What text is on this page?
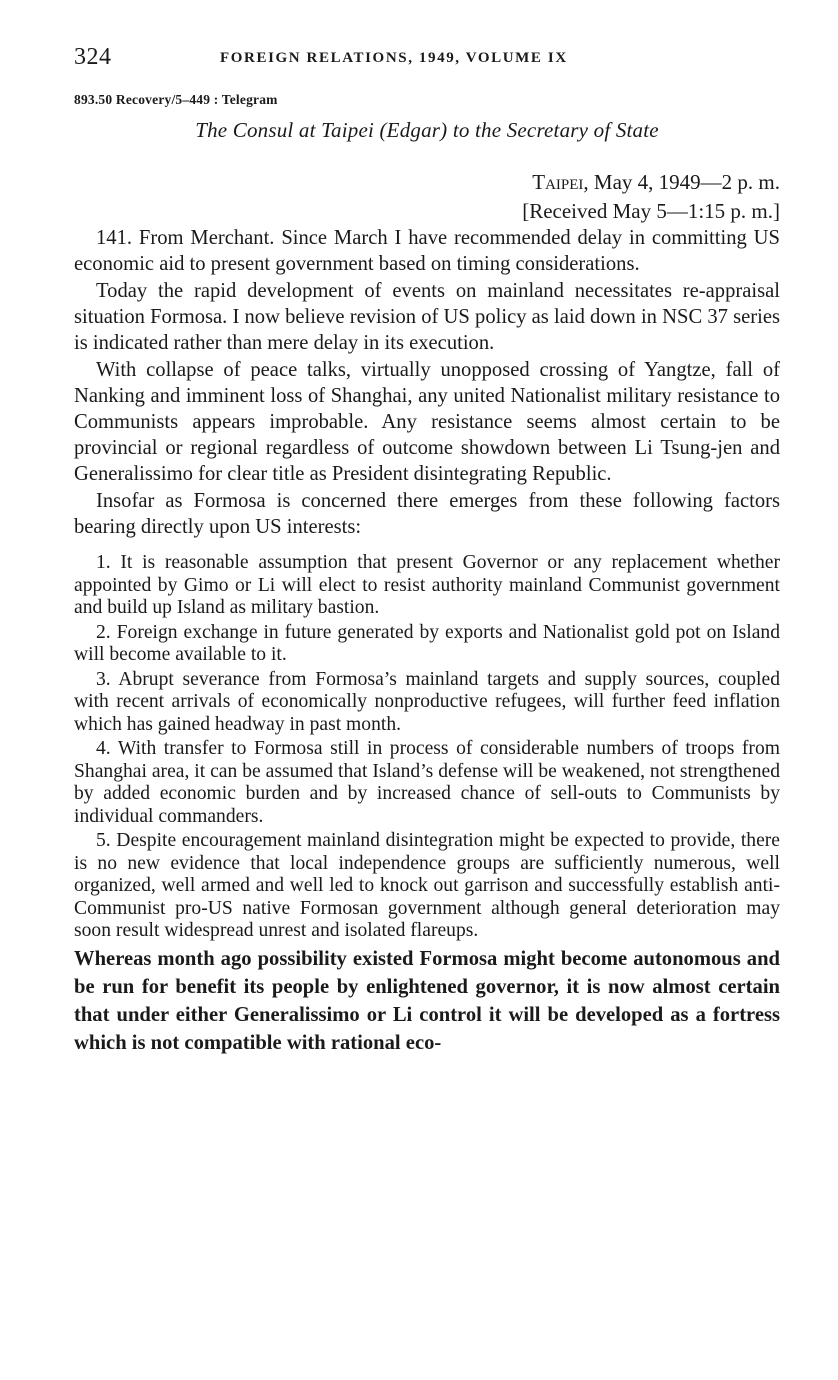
324	FOREIGN RELATIONS, 1949, VOLUME IX
893.50 Recovery/5–449 : Telegram
The Consul at Taipei (Edgar) to the Secretary of State
Taipei, May 4, 1949—2 p. m.
[Received May 5—1:15 p. m.]

141. From Merchant. Since March I have recommended delay in committing US economic aid to present government based on timing considerations.

Today the rapid development of events on mainland necessitates re-appraisal situation Formosa. I now believe revision of US policy as laid down in NSC 37 series is indicated rather than mere delay in its execution.

With collapse of peace talks, virtually unopposed crossing of Yangtze, fall of Nanking and imminent loss of Shanghai, any united Nationalist military resistance to Communists appears improbable. Any resistance seems almost certain to be provincial or regional regardless of outcome showdown between Li Tsung-jen and Generalissimo for clear title as President disintegrating Republic.

Insofar as Formosa is concerned there emerges from these following factors bearing directly upon US interests:

1. It is reasonable assumption that present Governor or any replacement whether appointed by Gimo or Li will elect to resist authority mainland Communist government and build up Island as military bastion.
2. Foreign exchange in future generated by exports and Nationalist gold pot on Island will become available to it.
3. Abrupt severance from Formosa’s mainland targets and supply sources, coupled with recent arrivals of economically nonproductive refugees, will further feed inflation which has gained headway in past month.
4. With transfer to Formosa still in process of considerable numbers of troops from Shanghai area, it can be assumed that Island’s defense will be weakened, not strengthened by added economic burden and by increased chance of sell-outs to Communists by individual commanders.
5. Despite encouragement mainland disintegration might be expected to provide, there is no new evidence that local independence groups are sufficiently numerous, well organized, well armed and well led to knock out garrison and successfully establish anti-Communist pro-US native Formosan government although general deterioration may soon result widespread unrest and isolated flareups.

Whereas month ago possibility existed Formosa might become autonomous and be run for benefit its people by enlightened governor, it is now almost certain that under either Generalissimo or Li control it will be developed as a fortress which is not compatible with rational eco-
